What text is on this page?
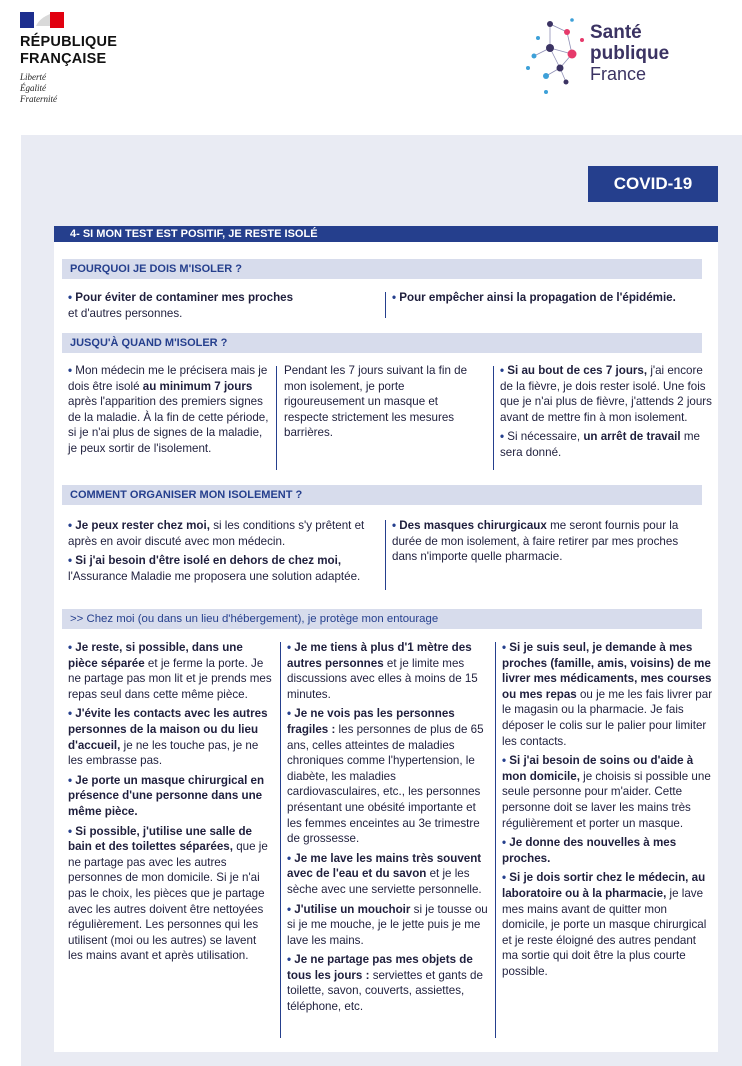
RÉPUBLIQUE
FRANÇAISE
Liberté
Égalité
Fraternité
Santé
publique
France
COVID-19
4- SI MON TEST EST POSITIF, JE RESTE ISOLÉ
POURQUOI JE DOIS M'ISOLER ?

• Pour éviter de contaminer mes proches
et d'autres personnes.

• Pour empêcher ainsi la propagation de l'épidémie.

JUSQU'À QUAND M'ISOLER ?

• Mon médecin me le précisera mais je dois être isolé au minimum 7 jours après l'apparition des premiers signes de la maladie. À la fin de cette période, si je n'ai plus de signes de la maladie, je peux sortir de l'isolement.

Pendant les 7 jours suivant la fin de mon isolement, je porte rigoureusement un masque et respecte strictement les mesures barrières.

• Si au bout de ces 7 jours, j'ai encore de la fièvre, je dois rester isolé. Une fois que je n'ai plus de fièvre, j'attends 2 jours avant de mettre fin à mon isolement.

• Si nécessaire, un arrêt de travail me sera donné.

COMMENT ORGANISER MON ISOLEMENT ?

• Je peux rester chez moi, si les conditions s'y prêtent et après en avoir discuté avec mon médecin.

• Si j'ai besoin d'être isolé en dehors de chez moi, l'Assurance Maladie me proposera une solution adaptée.

• Des masques chirurgicaux me seront fournis pour la durée de mon isolement, à faire retirer par mes proches dans n'importe quelle pharmacie.

>> Chez moi (ou dans un lieu d'hébergement), je protège mon entourage

• Je reste, si possible, dans une pièce séparée et je ferme la porte. Je ne partage pas mon lit et je prends mes repas seul dans cette même pièce.

• J'évite les contacts avec les autres personnes de la maison ou du lieu d'accueil, je ne les touche pas, je ne les embrasse pas.

• Je porte un masque chirurgical en présence d'une personne dans une même pièce.

• Si possible, j'utilise une salle de bain et des toilettes séparées, que je ne partage pas avec les autres personnes de mon domicile. Si je n'ai pas le choix, les pièces que je partage avec les autres doivent être nettoyées régulièrement. Les personnes qui les utilisent (moi ou les autres) se lavent les mains avant et après utilisation.

• Je me tiens à plus d'1 mètre des autres personnes et je limite mes discussions avec elles à moins de 15 minutes.

• Je ne vois pas les personnes fragiles : les personnes de plus de 65 ans, celles atteintes de maladies chroniques comme l'hypertension, le diabète, les maladies cardiovasculaires, etc., les personnes présentant une obésité importante et les femmes enceintes au 3e trimestre de grossesse.

• Je me lave les mains très souvent avec de l'eau et du savon et je les sèche avec une serviette personnelle.

• J'utilise un mouchoir si je tousse ou si je me mouche, je le jette puis je me lave les mains.

• Je ne partage pas mes objets de tous les jours : serviettes et gants de toilette, savon, couverts, assiettes, téléphone, etc.

• Si je suis seul, je demande à mes proches (famille, amis, voisins) de me livrer mes médicaments, mes courses ou mes repas ou je me les fais livrer par le magasin ou la pharmacie. Je fais déposer le colis sur le palier pour limiter les contacts.

• Si j'ai besoin de soins ou d'aide à mon domicile, je choisis si possible une seule personne pour m'aider. Cette personne doit se laver les mains très régulièrement et porter un masque.

• Je donne des nouvelles à mes proches.

• Si je dois sortir chez le médecin, au laboratoire ou à la pharmacie, je lave mes mains avant de quitter mon domicile, je porte un masque chirurgical et je reste éloigné des autres pendant ma sortie qui doit être la plus courte possible.
